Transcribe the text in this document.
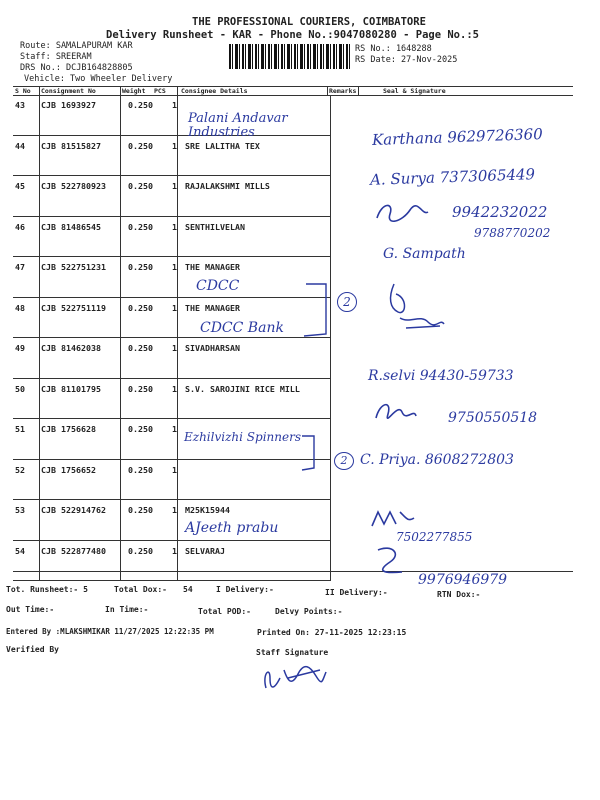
THE PROFESSIONAL COURIERS, COIMBATORE
Delivery Runsheet - KAR - Phone No.:9047080280 - Page No.:5
Route: SAMALAPURAM KAR
Staff: SREERAM
DRS No.: DCJB164828805
Vehicle: Two Wheeler Delivery
RS No.: 1648288
RS Date: 27-Nov-2025
S No Consignment No	Weight PCS Consignee Details	Remarks	Seal & Signature
43 CJB 1693927	0.250 1
44 CJB 81515827	0.250 1 SRE LALITHA TEX
45 CJB 522780923	0.250 1 RAJALAKSHMI MILLS
46 CJB 81486545	0.250 1 SENTHILVELAN
47 CJB 522751231	0.250 1 THE MANAGER
48 CJB 522751119	0.250 1 THE MANAGER
49 CJB 81462038	0.250 1 SIVADHARSAN
50 CJB 81101795	0.250 1 S.V. SAROJINI RICE MILL
51 CJB 1756628	0.250 1
52 CJB 1756652	0.250 1
53 CJB 522914762	0.250 1 M25K15944
54 CJB 522877480	0.250 1 SELVARAJ
Palani Andavar Industries	Karthana 9629726360
A. Surya 7373065449
9942232022
9788770202
G. Sampath
CDCC
CDCC Bank
2
R.selvi 94430-59733
9750550518
Ezhilvizhi Spinners
2 C. Priya. 8608272803
AJeeth prabu
7502277855
9976946979
Tot. Runsheet:- 5	Total Dox:- 54	I Delivery:-	II Delivery:-	RTN Dox:-
Out Time:-	In Time:-	Total POD:-	Delvy Points:-
Entered By :MLAKSHMIKAR 11/27/2025 12:22:35 PM	Printed On: 27-11-2025 12:23:15
Verified By	Staff Signature
